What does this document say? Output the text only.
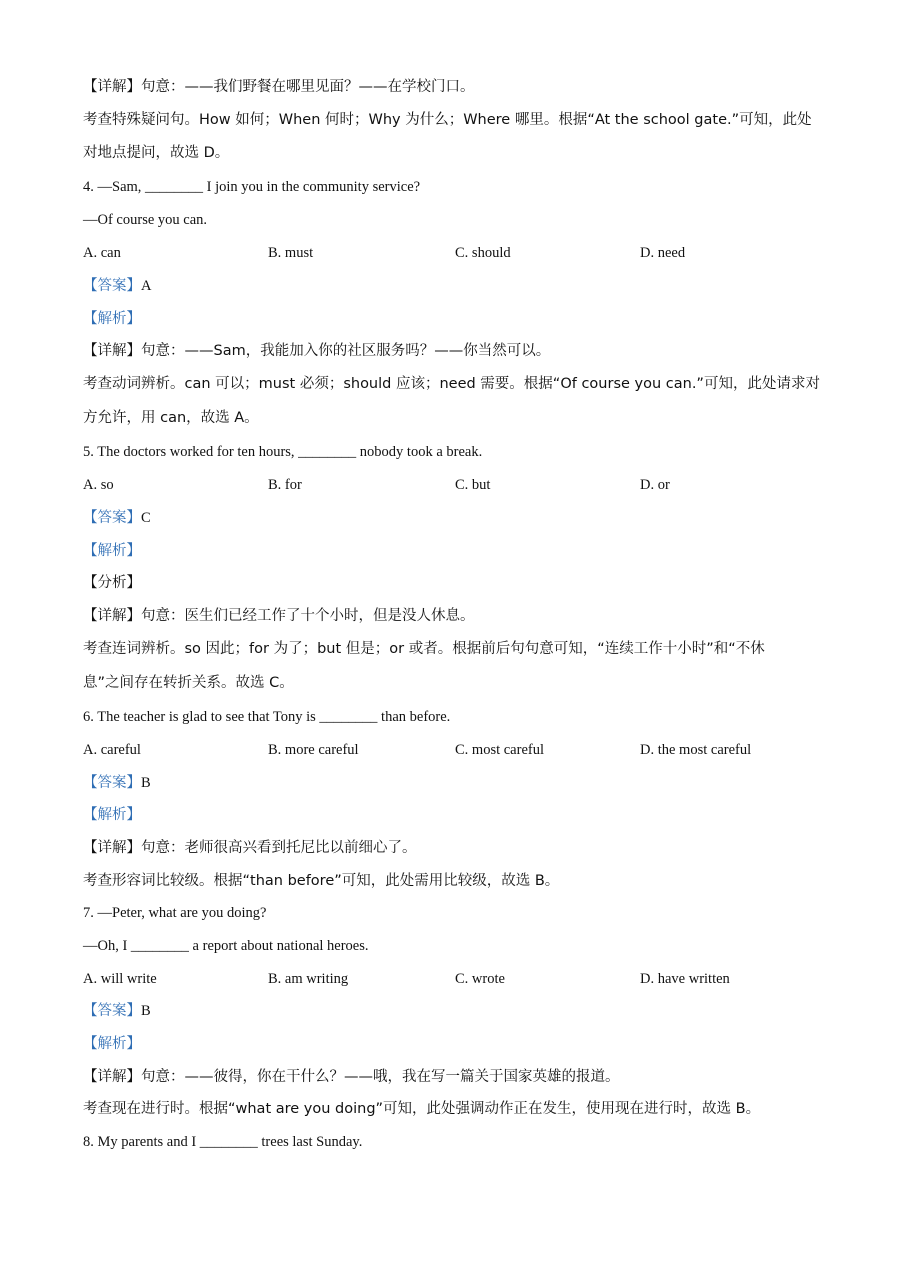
【详解】句意：——我们野餐在哪里见面？——在学校门口。
考查特殊疑问句。How 如何；When 何时；Why 为什么；Where 哪里。根据“At the school gate.”可知，此处
对地点提问，故选 D。
4. —Sam, ________ I join you in the community service?
—Of course you can.
A. can	B. must	C. should	D. need
【答案】A
【解析】
【详解】句意：——Sam，我能加入你的社区服务吗？——你当然可以。
考查动词辨析。can 可以；must 必须；should 应该；need 需要。根据“Of course you can.”可知，此处请求对
方允许，用 can，故选 A。
5. The doctors worked for ten hours, ________ nobody took a break.
A. so	B. for	C. but	D. or
【答案】C
【解析】
【分析】
【详解】句意：医生们已经工作了十个小时，但是没人休息。
考查连词辨析。so 因此；for 为了；but 但是；or 或者。根据前后句句意可知，“连续工作十小时”和“不休
息”之间存在转折关系。故选 C。
6. The teacher is glad to see that Tony is ________ than before.
A. careful	B. more careful	C. most careful	D. the most careful
【答案】B
【解析】
【详解】句意：老师很高兴看到托尼比以前细心了。
考查形容词比较级。根据“than before”可知，此处需用比较级，故选 B。
7. —Peter, what are you doing?
—Oh, I ________ a report about national heroes.
A. will write	B. am writing	C. wrote	D. have written
【答案】B
【解析】
【详解】句意：——彼得，你在干什么？——哦，我在写一篇关于国家英雄的报道。
考查现在进行时。根据“what are you doing”可知，此处强调动作正在发生，使用现在进行时，故选 B。
8. My parents and I ________ trees last Sunday.
